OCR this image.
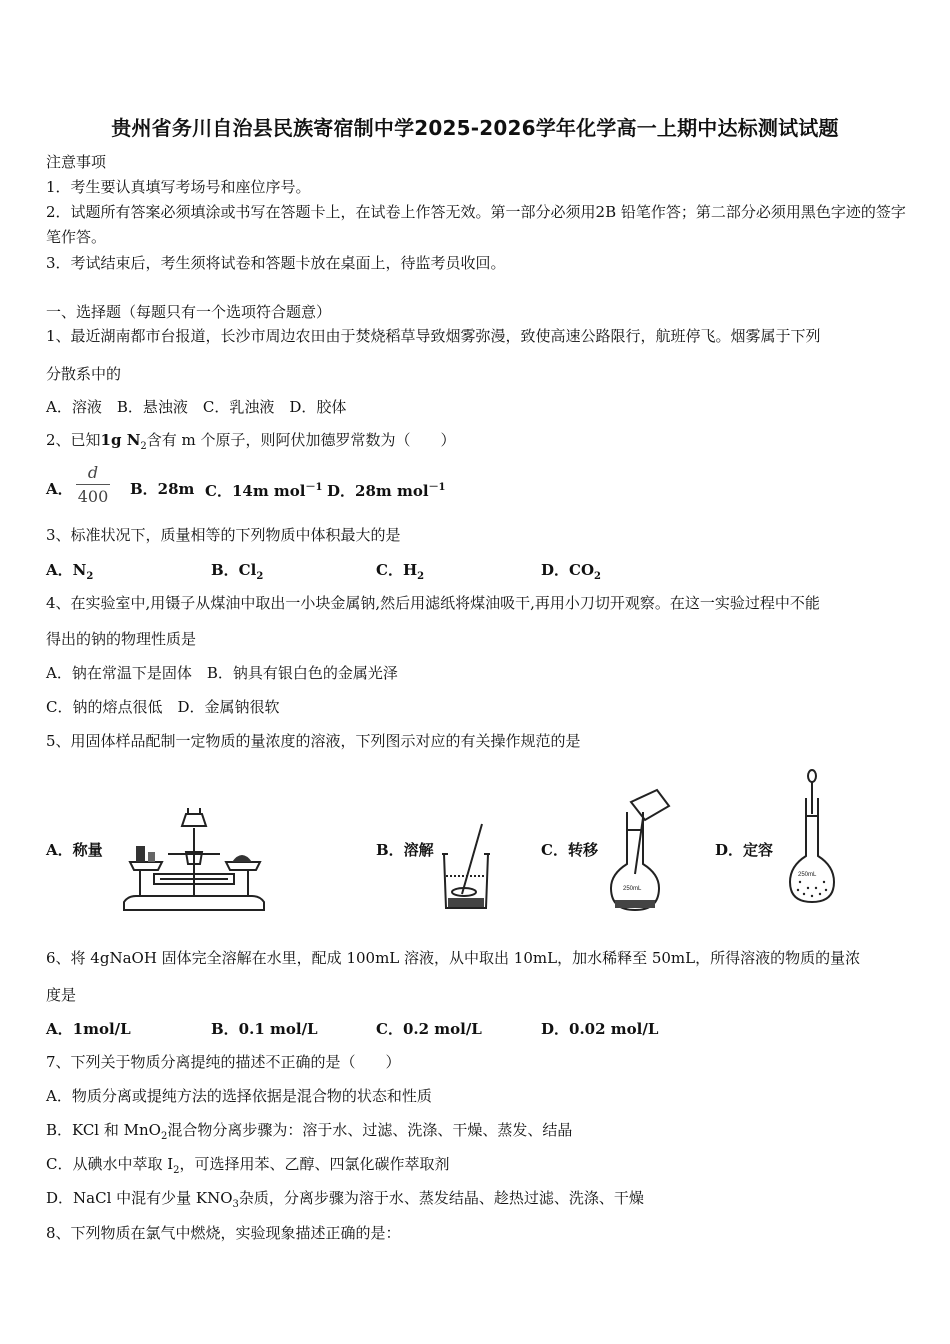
贵州省务川自治县民族寄宿制中学2025-2026学年化学高一上期中达标测试试题
注意事项
1．考生要认真填写考场号和座位序号。
2．试题所有答案必须填涂或书写在答题卡上，在试卷上作答无效。第一部分必须用2B 铅笔作答；第二部分必须用黑色字迹的签字笔作答。
3．考试结束后，考生须将试卷和答题卡放在桌面上，待监考员收回。
一、选择题（每题只有一个选项符合题意）
1、最近湖南都市台报道，长沙市周边农田由于焚烧稻草导致烟雾弥漫，致使高速公路限行，航班停飞。烟雾属于下列
分散系中的
A．溶液　B．悬浊液　C．乳浊液　D．胶体
2、已知1g $N_2$含有 m 个原子，则阿伏加德罗常数为（　　）
A． $\frac{d}{400}$ B．28m C．14m mol$^{-1}$ D．28m mol$^{-1}$
3、标准状况下，质量相等的下列物质中体积最大的是
A．$N_2$	B．$Cl_2$	C．$H_2$	D．$CO_2$
4、在实验室中,用镊子从煤油中取出一小块金属钠,然后用滤纸将煤油吸干,再用小刀切开观察。在这一实验过程中不能
得出的钠的物理性质是
A．钠在常温下是固体　B．钠具有银白色的金属光泽
C．钠的熔点很低　D．金属钠很软
5、用固体样品配制一定物质的量浓度的溶液，下列图示对应的有关操作规范的是
A．称量	B．溶解	C．转移	D．定容
250mL
250mL
6、将 4gNaOH 固体完全溶解在水里，配成 100mL 溶液，从中取出 10mL，加水稀释至 50mL，所得溶液的物质的量浓
度是
A．1mol/L	B．0.1 mol/L	C．0.2 mol/L	D．0.02 mol/L
7、下列关于物质分离提纯的描述不正确的是（　　）
A．物质分离或提纯方法的选择依据是混合物的状态和性质
B．KCl 和 MnO$_2$混合物分离步骤为：溶于水、过滤、洗涤、干燥、蒸发、结晶
C．从碘水中萃取 $I_2$，可选择用苯、乙醇、四氯化碳作萃取剂
D．NaCl 中混有少量 $KNO_3$杂质，分离步骤为溶于水、蒸发结晶、趁热过滤、洗涤、干燥
8、下列物质在氯气中燃烧，实验现象描述正确的是：
